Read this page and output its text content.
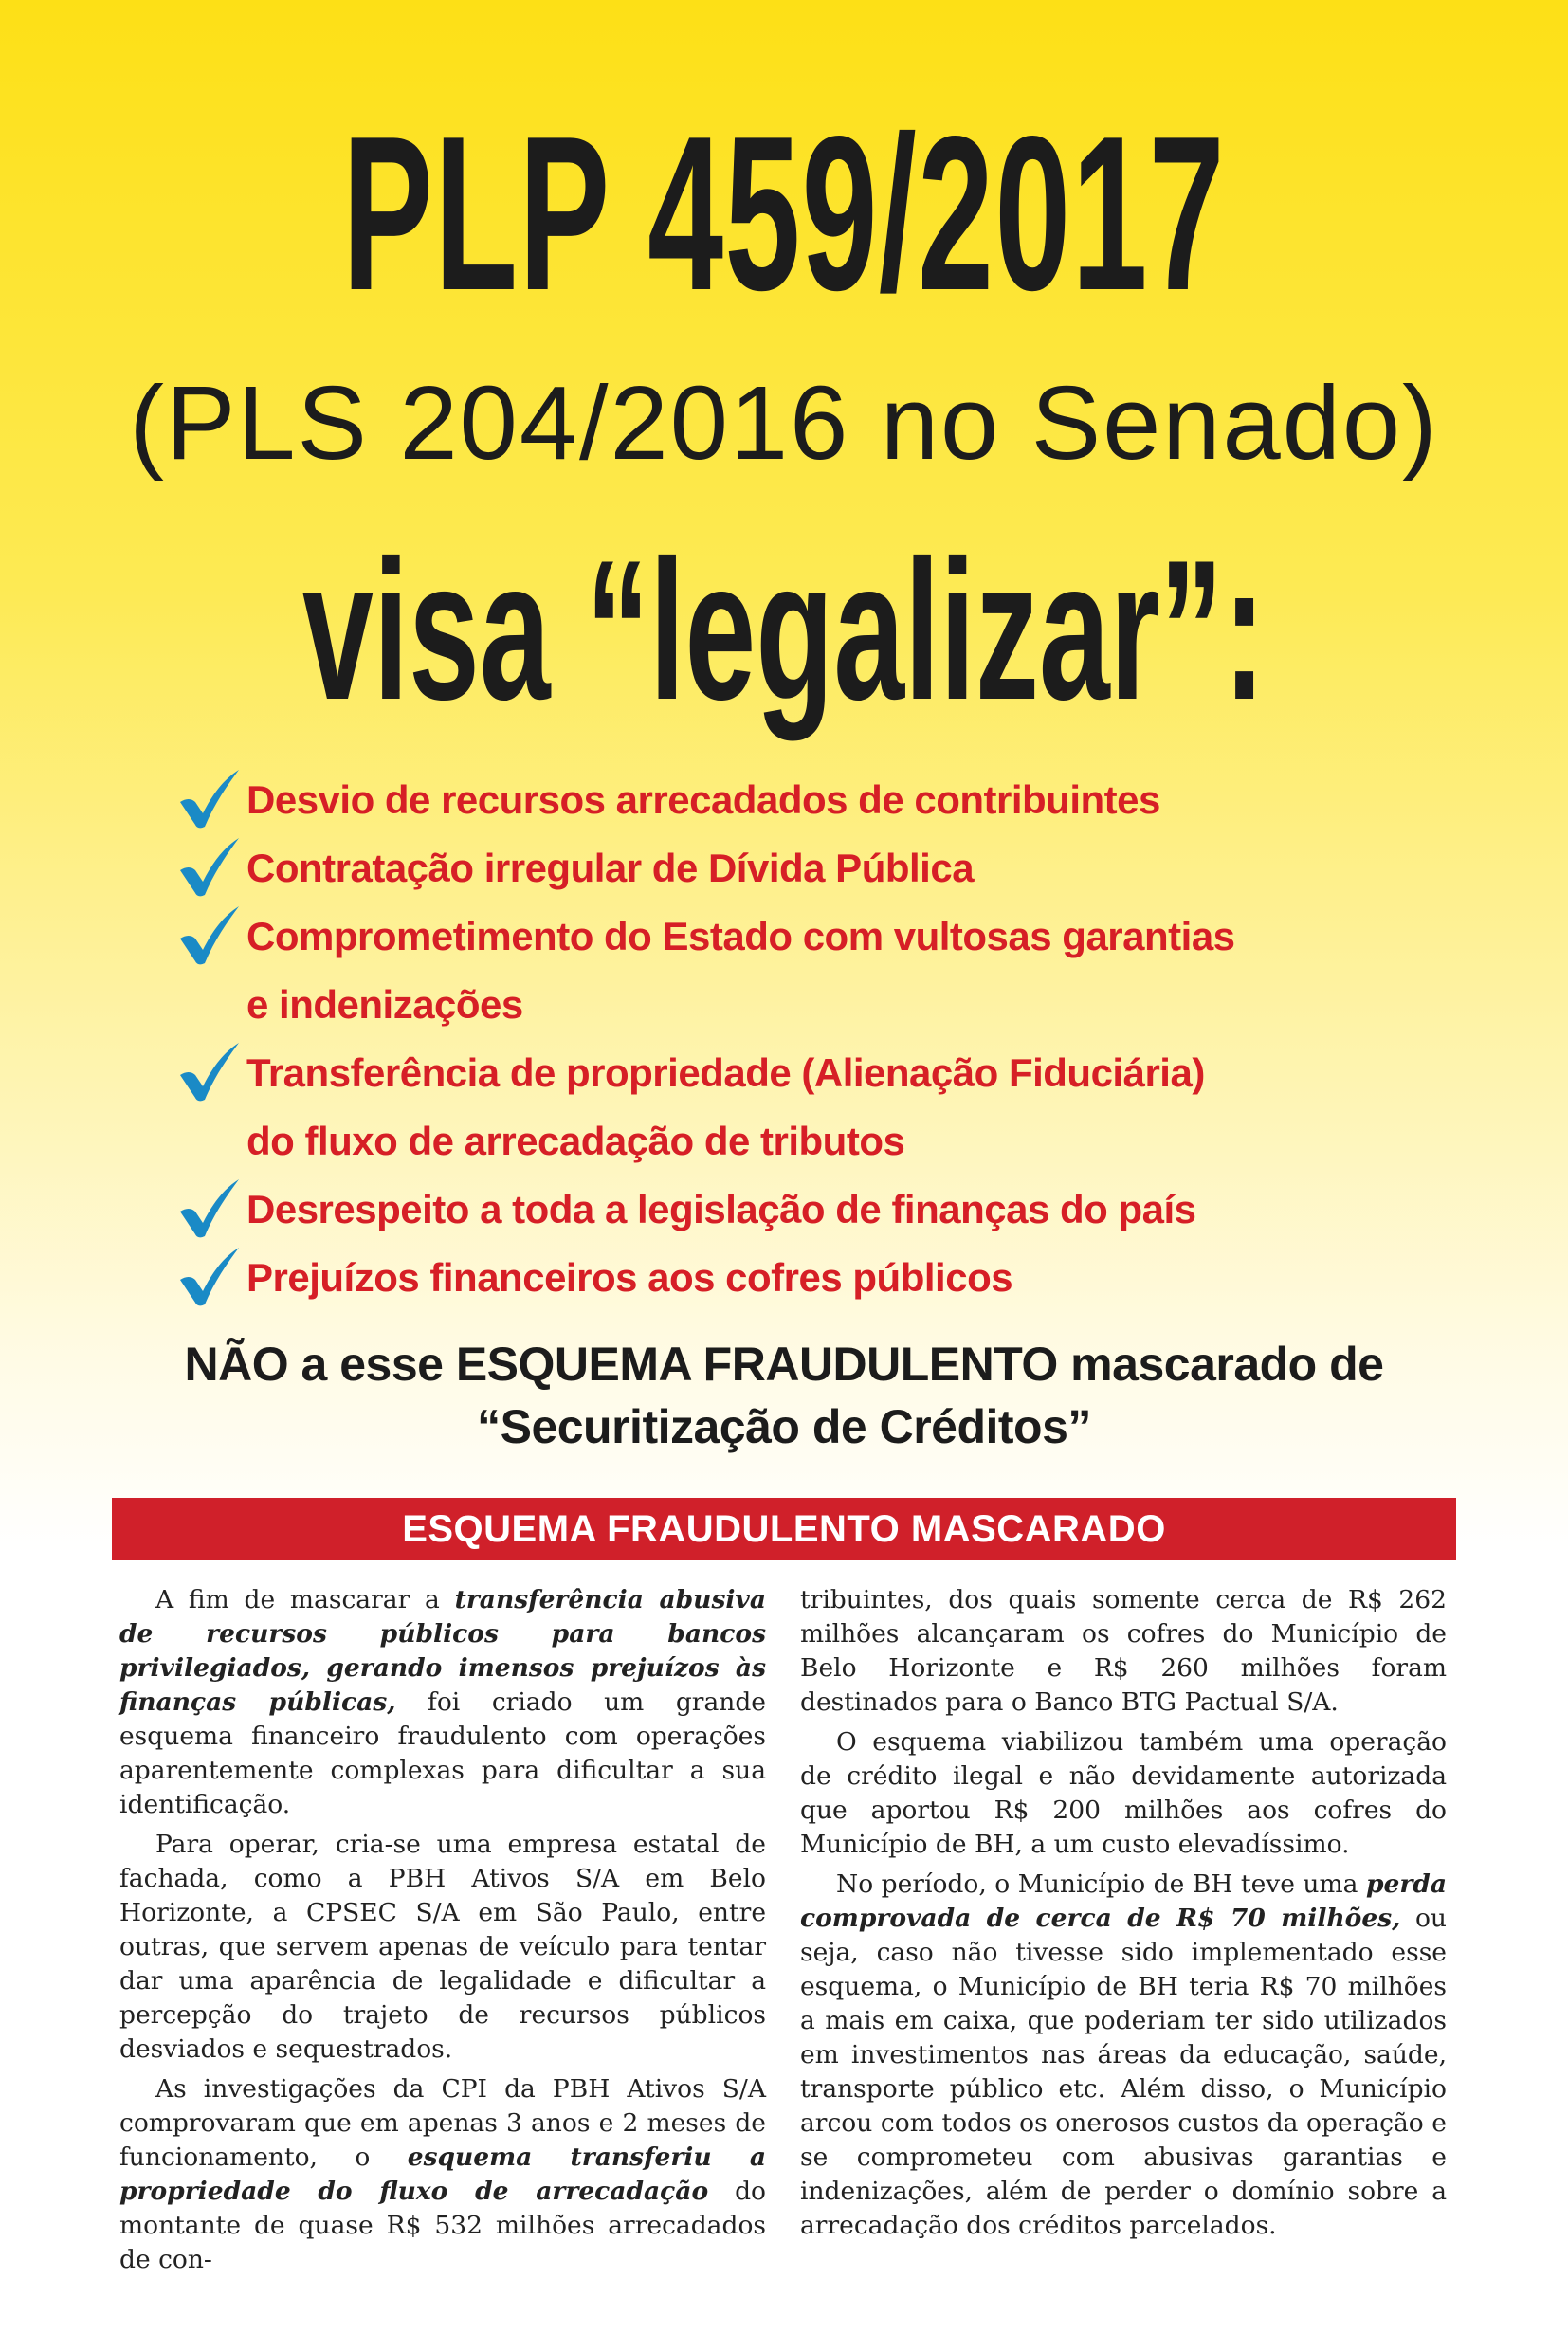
PLP 459/2017
(PLS 204/2016 no Senado)
visa “legalizar”:
Desvio de recursos arrecadados de contribuintes
Contratação irregular de Dívida Pública
Comprometimento do Estado com vultosas garantias
e indenizações
Transferência de propriedade (Alienação Fiduciária)
do fluxo de arrecadação de tributos
Desrespeito a toda a legislação de finanças do país
Prejuízos financeiros aos cofres públicos
NÃO a esse ESQUEMA FRAUDULENTO mascarado de
“Securitização de Créditos”
ESQUEMA FRAUDULENTO MASCARADO

A fim de mascarar a transferência abusiva de recursos públicos para bancos privilegiados, gerando imensos prejuízos às finanças públicas, foi criado um grande esquema financeiro fraudulento com operações aparentemente complexas para dificultar a sua identificação.

Para operar, cria-se uma empresa estatal de fachada, como a PBH Ativos S/A em Belo Horizonte, a CPSEC S/A em São Paulo, entre outras, que servem apenas de veículo para tentar dar uma aparência de legalidade e dificultar a percepção do trajeto de recursos públicos desviados e sequestrados.

As investigações da CPI da PBH Ativos S/A comprovaram que em apenas 3 anos e 2 meses de funcionamento, o esquema transferiu a propriedade do fluxo de arrecadação do montante de quase R$ 532 milhões arrecadados de con-

tribuintes, dos quais somente cerca de R$ 262 milhões alcançaram os cofres do Município de Belo Horizonte e R$ 260 milhões foram destinados para o Banco BTG Pactual S/A.

O esquema viabilizou também uma operação de crédito ilegal e não devidamente autorizada que aportou R$ 200 milhões aos cofres do Município de BH, a um custo elevadíssimo.

No período, o Município de BH teve uma perda comprovada de cerca de R$ 70 milhões, ou seja, caso não tivesse sido implementado esse esquema, o Município de BH teria R$ 70 milhões a mais em caixa, que poderiam ter sido utilizados em investimentos nas áreas da educação, saúde, transporte público etc. Além disso, o Município arcou com todos os onerosos custos da operação e se comprometeu com abusivas garantias e indenizações, além de perder o domínio sobre a arrecadação dos créditos parcelados.
